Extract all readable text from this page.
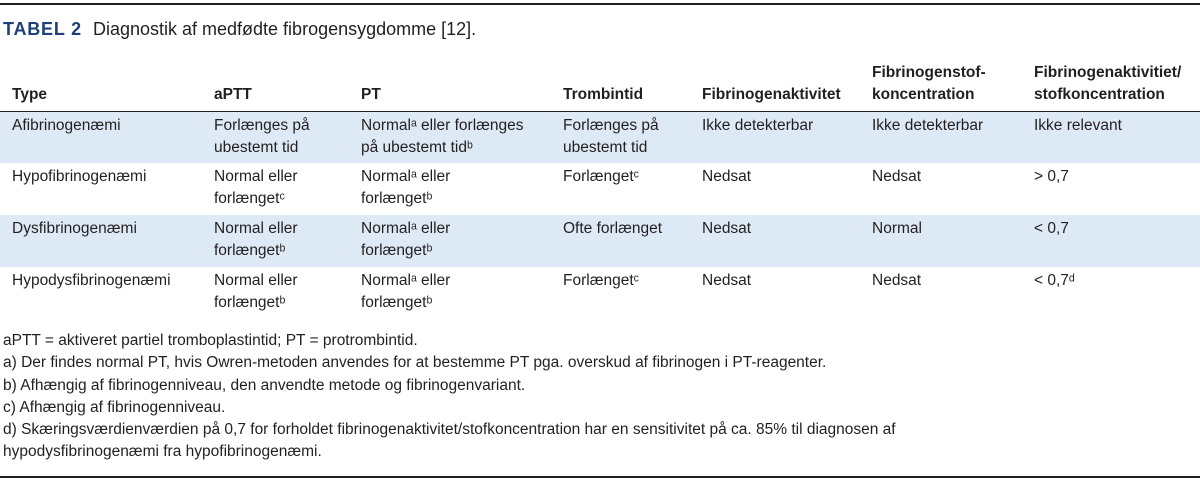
TABEL 2 Diagnostik af medfødte fibrogensygdomme [12].
Type	aPTT	PT	Trombintid	Fibrinogenaktivitet	Fibrinogenstof-
koncentration	Fibrinogenaktivitiet/
stofkoncentration
Afibrinogenæmi	Forlænges på
ubestemt tid	Normalᵃ eller forlænges
på ubestemt tidᵇ	Forlænges på
ubestemt tid	Ikke detekterbar	Ikke detekterbar	Ikke relevant
Hypofibrinogenæmi	Normal eller
forlængetᶜ	Normalᵃ eller
forlængetᵇ	Forlængetᶜ	Nedsat	Nedsat	> 0,7
Dysfibrinogenæmi	Normal eller
forlængetᵇ	Normalᵃ eller
forlængetᵇ	Ofte forlænget	Nedsat	Normal	< 0,7
Hypodysfibrinogenæmi	Normal eller
forlængetᵇ	Normalᵃ eller
forlængetᵇ	Forlængetᶜ	Nedsat	Nedsat	< 0,7ᵈ
aPTT = aktiveret partiel tromboplastintid; PT = protrombintid.
a) Der findes normal PT, hvis Owren-metoden anvendes for at bestemme PT pga. overskud af fibrinogen i PT-reagenter.
b) Afhængig af fibrinogenniveau, den anvendte metode og fibrinogenvariant.
c) Afhængig af fibrinogenniveau.
d) Skæringsværdienværdien på 0,7 for forholdet fibrinogenaktivitet/stofkoncentration har en sensitivitet på ca. 85% til diagnosen af
hypodysfibrinogenæmi fra hypofibrinogenæmi.
